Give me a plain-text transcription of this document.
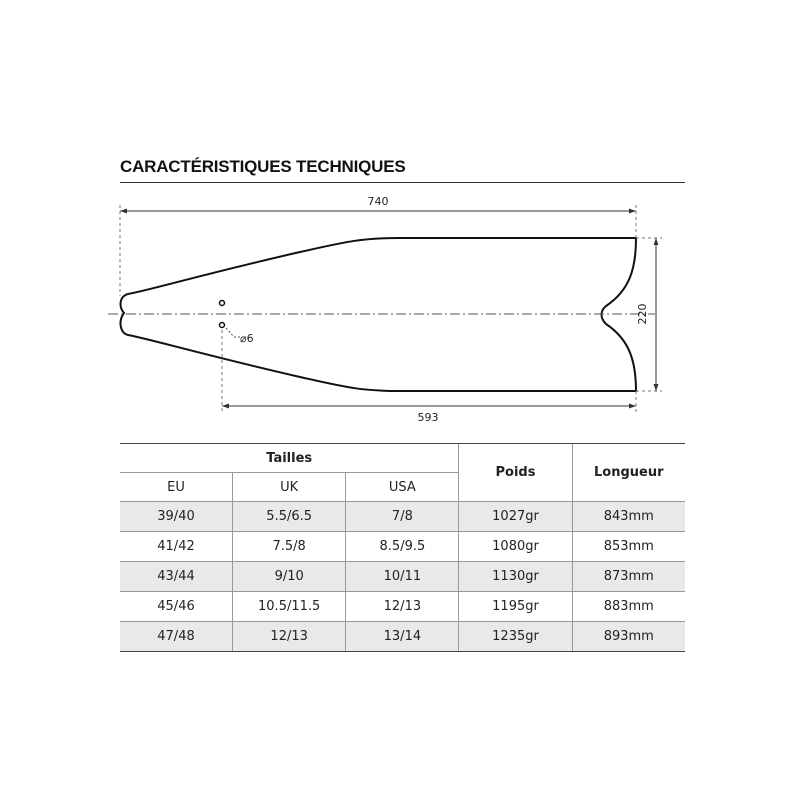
CARACTÉRISTIQUES TECHNIQUES
740
220
593
⌀6
Tailles			Poids	Longueur
EU	UK	USA		
39/40	5.5/6.5	7/8	1027gr	843mm
41/42	7.5/8	8.5/9.5	1080gr	853mm
43/44	9/10	10/11	1130gr	873mm
45/46	10.5/11.5	12/13	1195gr	883mm
47/48	12/13	13/14	1235gr	893mm
